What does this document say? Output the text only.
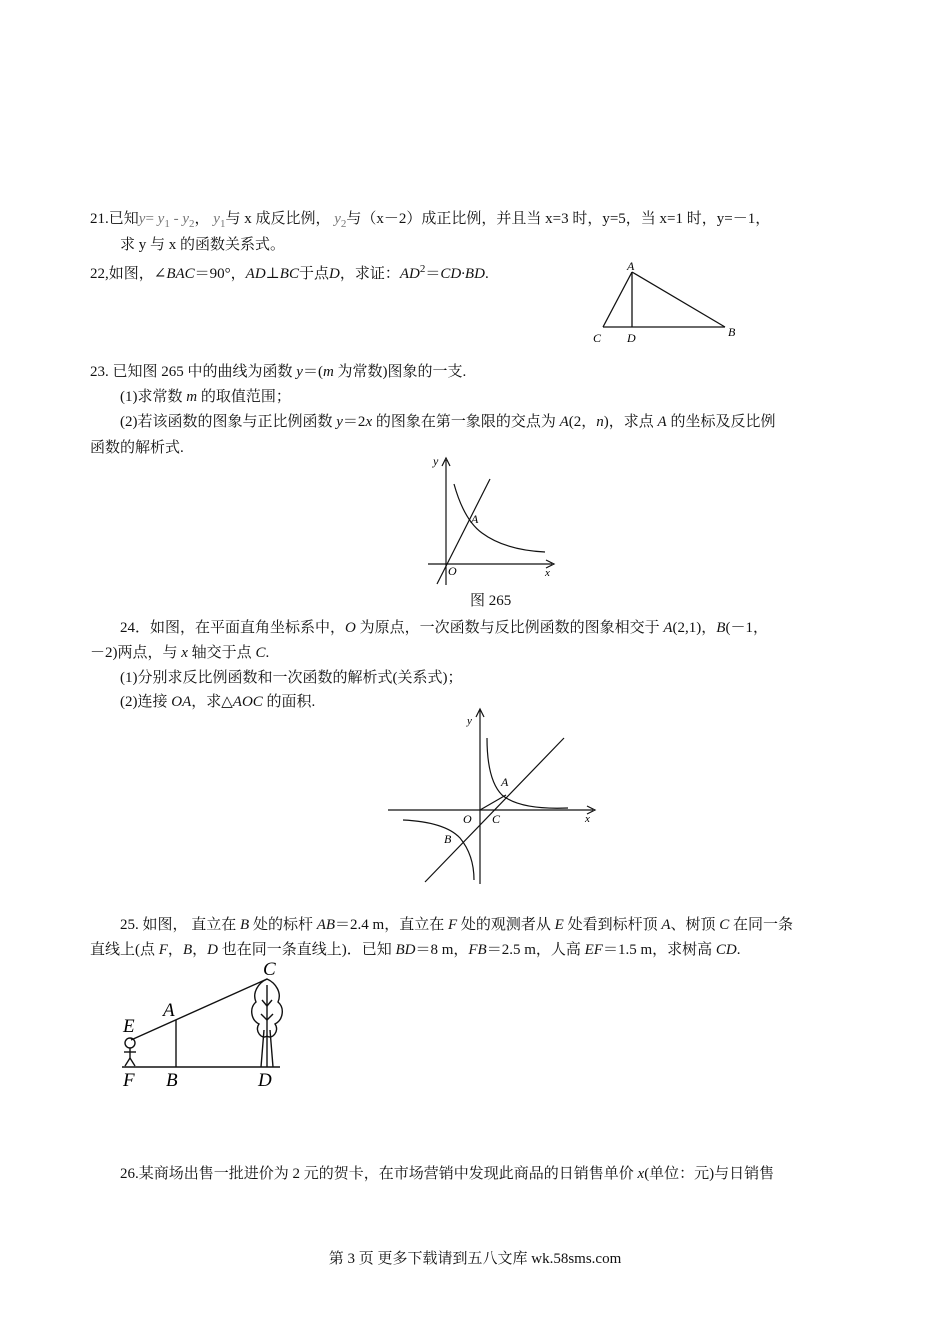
21.已知$y= y_1 - y_2$， $y_1$与 x 成反比例， $y_2$与（x－2）成正比例，并且当 x=3 时，y=5，当 x=1 时，y=－1，
求 y 与 x 的函数关系式。
22,如图，∠BAC＝90°，AD⊥BC于点D，求证：$AD^2=CD\cdot BD$.	A
B
C D
23. 已知图 265 中的曲线为函数 y＝(m 为常数)图象的一支.
(1)求常数 m 的取值范围；
(2)若该函数的图象与正比例函数 y＝2x 的图象在第一象限的交点为 A(2，n)，求点 A 的坐标及反比例
函数的解析式.
y
x
O
A
图 265
24．如图，在平面直角坐标系中，O 为原点，一次函数与反比例函数的图象相交于 A(2,1)，B(－1，
－2)两点，与 x 轴交于点 C.
(1)分别求反比例函数和一次函数的解析式(关系式)；
(2)连接 OA，求△AOC 的面积.
y
x
O
A
B
C
25. 如图， 直立在 B 处的标杆 AB＝2.4 m，直立在 F 处的观测者从 E 处看到标杆顶 A、树顶 C 在同一条
直线上(点 F，B，D 也在同一条直线上)．已知 BD＝8 m，FB＝2.5 m，人高 EF＝1.5 m，求树高 CD.
C
A
E
F B	D
26.某商场出售一批进价为 2 元的贺卡，在市场营销中发现此商品的日销售单价 x(单位：元)与日销售
第 3 页 更多下载请到五八文库 wk.58sms.com
